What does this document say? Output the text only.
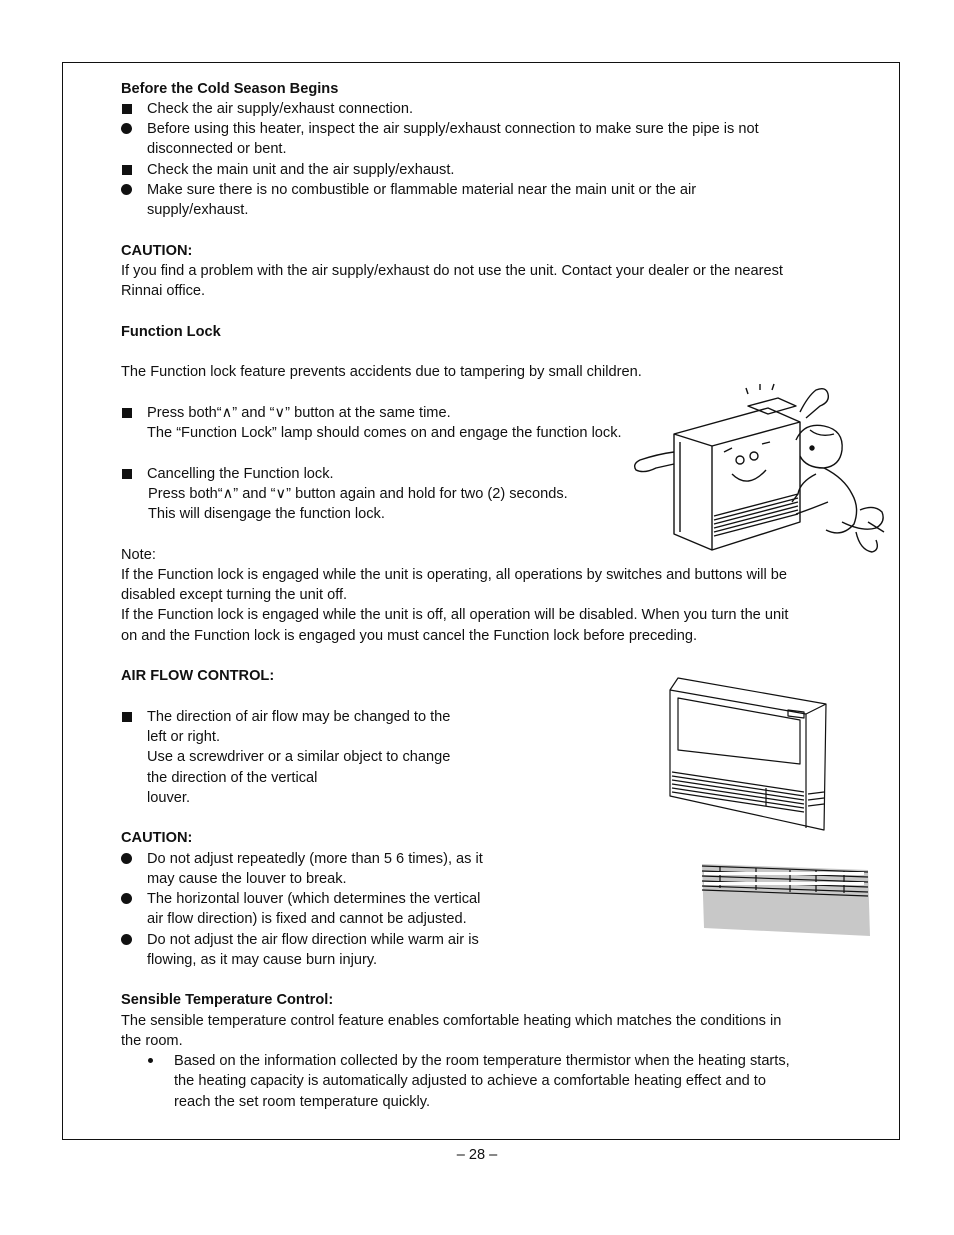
Before the Cold Season Begins
Check the air supply/exhaust connection.
Before using this heater, inspect the air supply/exhaust connection to make sure the pipe is not
disconnected or bent.
Check the main unit and the air supply/exhaust.
Make sure there is no combustible or flammable material near the main unit or the air
supply/exhaust.
CAUTION:
If you find a problem with the air supply/exhaust do not use the unit. Contact your dealer or the nearest
Rinnai office.
Function Lock
The Function lock feature prevents accidents due to tampering by small children.
Press both“∧” and “∨” button at the same time.
The “Function Lock” lamp should comes on and engage the function lock.
Cancelling the Function lock.
Press both“∧” and “∨” button again and hold for two (2) seconds.
This will disengage the function lock.
Note:
If the Function lock is engaged while the unit is operating, all operations by switches and buttons will be
disabled except turning the unit off.
If the Function lock is engaged while the unit is off, all operation will be disabled. When you turn the unit
on and the Function lock is engaged you must cancel the Function lock before preceding.
AIR FLOW CONTROL:
The direction of air flow may be changed to the
left or right.
Use a screwdriver or a similar object to change
the direction of the vertical
louver.
CAUTION:
Do not adjust repeatedly (more than 5 6 times), as it
may cause the louver to break.
The horizontal louver (which determines the vertical
air flow direction) is fixed and cannot be adjusted.
Do not adjust the air flow direction while warm air is
flowing, as it may cause burn injury.
Sensible Temperature Control:
The sensible temperature control feature enables comfortable heating which matches the conditions in
the room.
Based on the information collected by the room temperature thermistor when the heating starts,
the heating capacity is automatically adjusted to achieve a comfortable heating effect and to
reach the set room temperature quickly.
– 28 –
